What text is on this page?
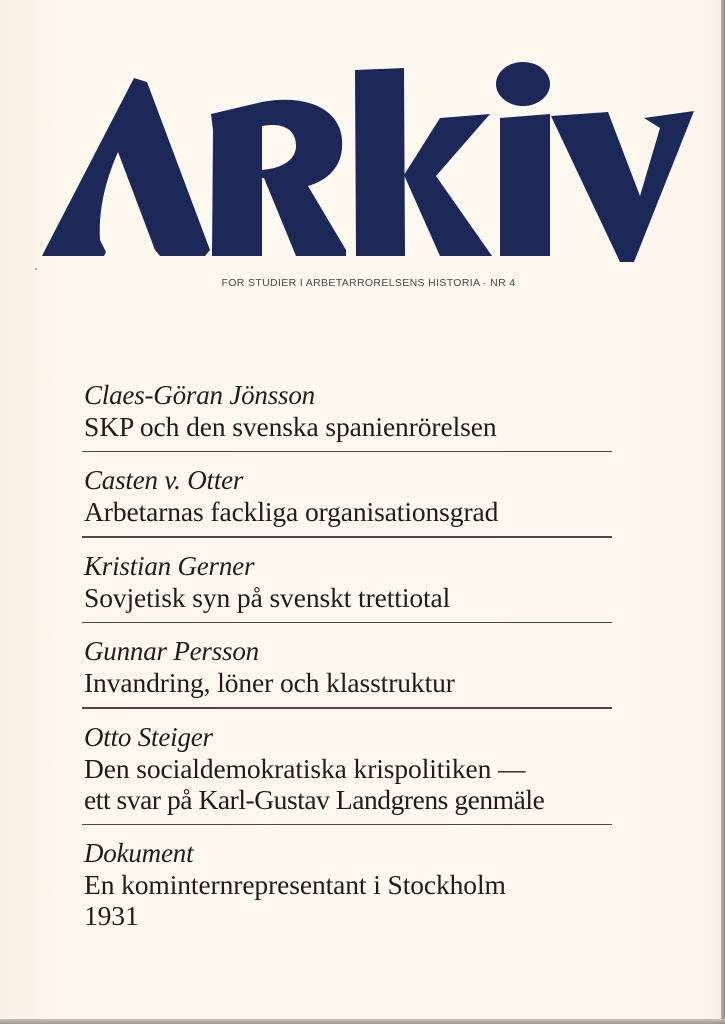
FOR STUDIER I ARBETARRORELSENS HISTORIA · NR 4
Claes-Göran Jönsson
SKP och den svenska spanienrörelsen
Casten v. Otter
Arbetarnas fackliga organisationsgrad
Kristian Gerner
Sovjetisk syn på svenskt trettiotal
Gunnar Persson
Invandring, löner och klasstruktur
Otto Steiger
Den socialdemokratiska krispolitiken —
ett svar på Karl-Gustav Landgrens genmäle
Dokument
En kominternrepresentant i Stockholm
1931
